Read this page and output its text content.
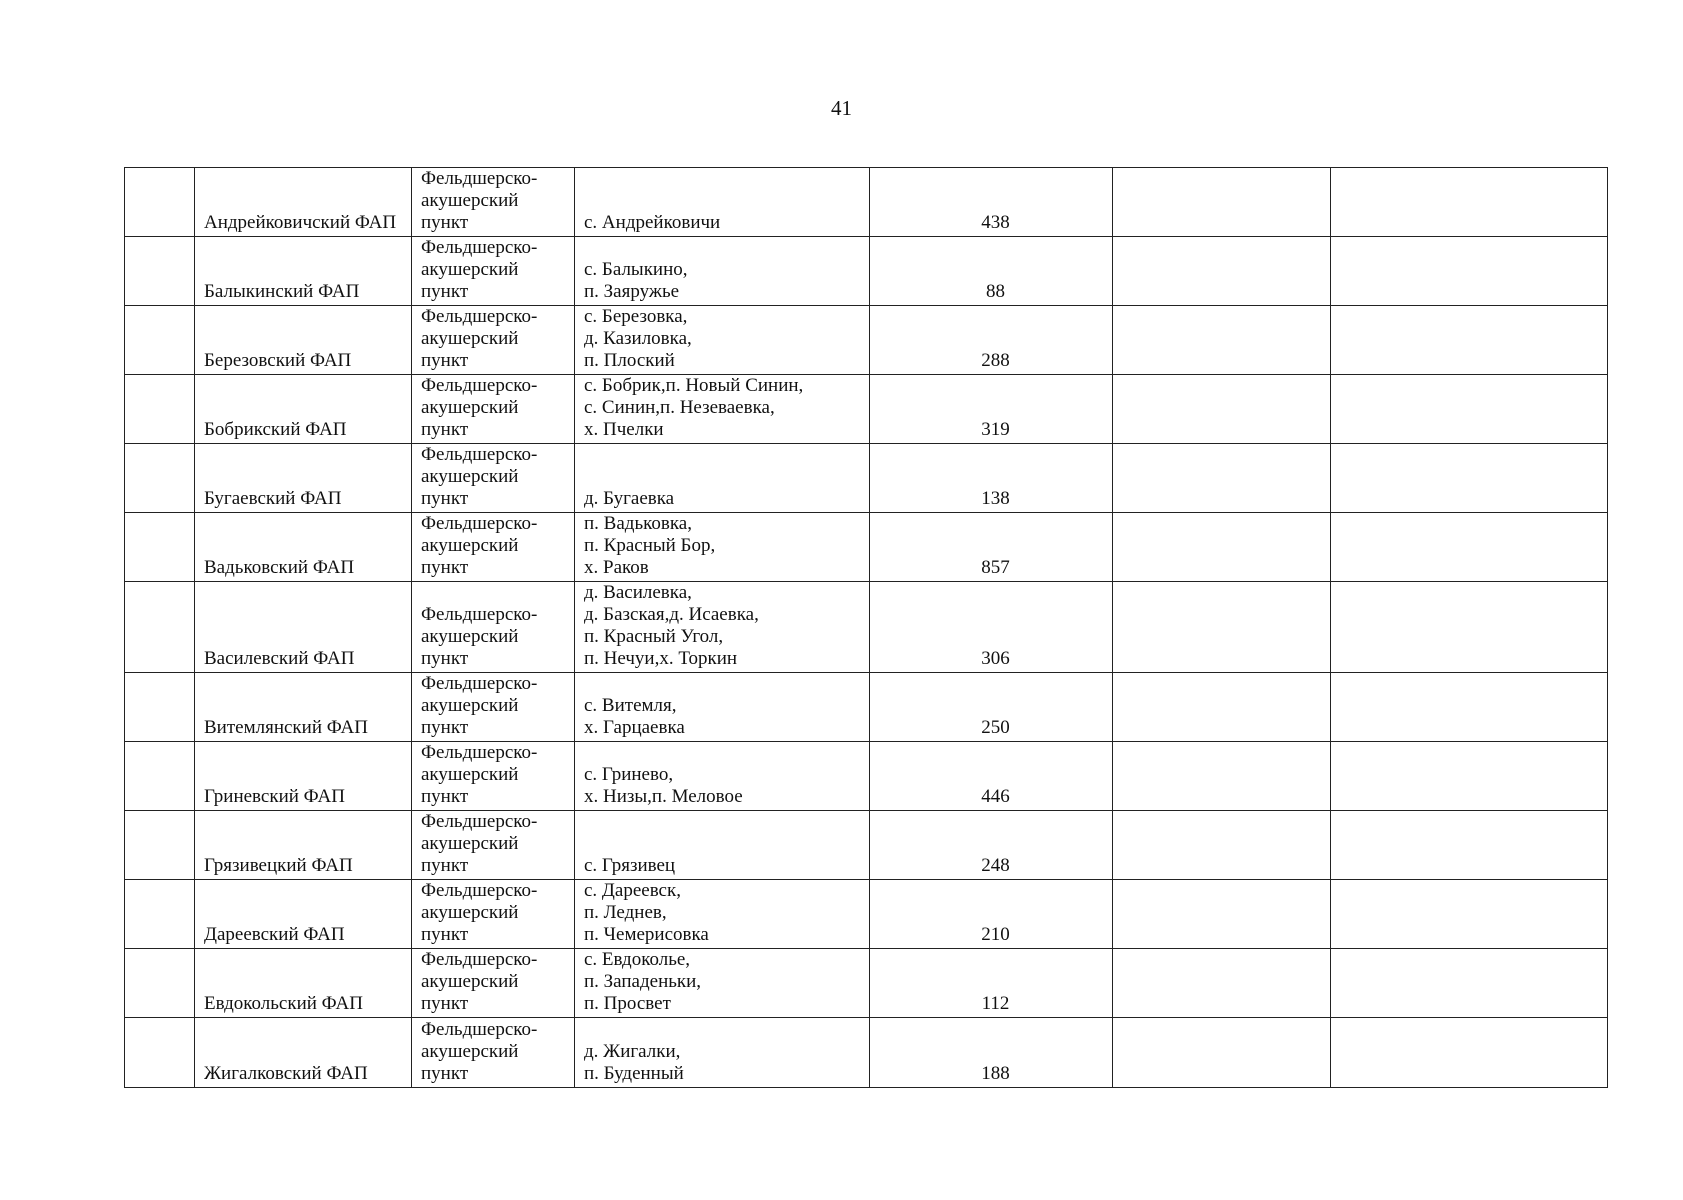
41

	Андрейковичский ФАП	Фельдшерско-
акушерский
пункт	с. Андрейковичи	438		

	Балыкинский ФАП	Фельдшерско-
акушерский
пункт	с. Балыкино,
п. Заяружье	88		

	Березовский ФАП	Фельдшерско-
акушерский
пункт	с. Березовка,
д. Казиловка,
п. Плоский	288		

	Бобрикский ФАП	Фельдшерско-
акушерский
пункт	с. Бобрик,п. Новый Синин,
с. Синин,п. Незеваевка,
х. Пчелки	319		

	Бугаевский ФАП	Фельдшерско-
акушерский
пункт	д. Бугаевка	138		

	Вадьковский ФАП	Фельдшерско-
акушерский
пункт	п. Вадьковка,
п. Красный Бор,
х. Раков	857		

	Василевский ФАП	Фельдшерско-
акушерский
пункт	д. Василевка,
д. Базская,д. Исаевка,
п. Красный Угол,
п. Нечуи,х. Торкин	306		

	Витемлянский ФАП	Фельдшерско-
акушерский
пункт	с. Витемля,
х. Гарцаевка	250		

	Гриневский ФАП	Фельдшерско-
акушерский
пункт	с. Гринево,
х. Низы,п. Меловое	446		

	Грязивецкий ФАП	Фельдшерско-
акушерский
пункт	с. Грязивец	248		

	Дареевский ФАП	Фельдшерско-
акушерский
пункт	с. Дареевск,
п. Леднев,
п. Чемерисовка	210		

	Евдокольский ФАП	Фельдшерско-
акушерский
пункт	с. Евдоколье,
п. Западеньки,
п. Просвет	112		

	Жигалковский ФАП	Фельдшерско-
акушерский
пункт	д. Жигалки,
п. Буденный	188		
